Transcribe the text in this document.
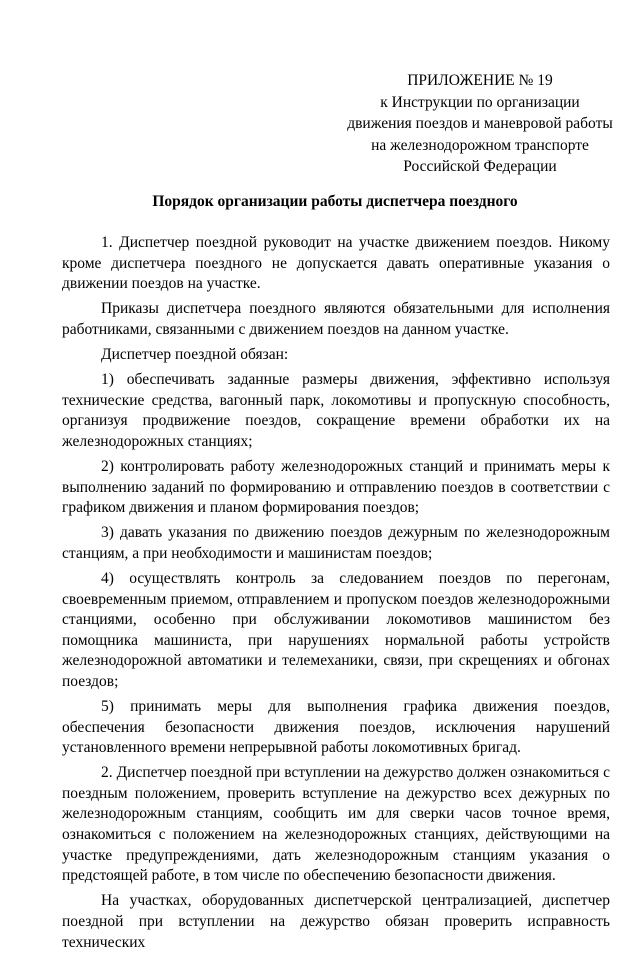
ПРИЛОЖЕНИЕ № 19
к Инструкции по организации
движения поездов и маневровой работы
на железнодорожном транспорте
Российской Федерации
Порядок организации работы диспетчера поездного

1. Диспетчер поездной руководит на участке движением поездов. Никому кроме диспетчера поездного не допускается давать оперативные указания о движении поездов на участке.

Приказы диспетчера поездного являются обязательными для исполнения работниками, связанными с движением поездов на данном участке.

Диспетчер поездной обязан:

1) обеспечивать заданные размеры движения, эффективно используя технические средства, вагонный парк, локомотивы и пропускную способность, организуя продвижение поездов, сокращение времени обработки их на железнодорожных станциях;

2) контролировать работу железнодорожных станций и принимать меры к выполнению заданий по формированию и отправлению поездов в соответствии с графиком движения и планом формирования поездов;

3) давать указания по движению поездов дежурным по железнодорожным станциям, а при необходимости и машинистам поездов;

4) осуществлять контроль за следованием поездов по перегонам, своевременным приемом, отправлением и пропуском поездов железнодорожными станциями, особенно при обслуживании локомотивов машинистом без помощника машиниста, при нарушениях нормальной работы устройств железнодорожной автоматики и телемеханики, связи, при скрещениях и обгонах поездов;

5) принимать меры для выполнения графика движения поездов, обеспечения безопасности движения поездов, исключения нарушений установленного времени непрерывной работы локомотивных бригад.

2. Диспетчер поездной при вступлении на дежурство должен ознакомиться с поездным положением, проверить вступление на дежурство всех дежурных по железнодорожным станциям, сообщить им для сверки часов точное время, ознакомиться с положением на железнодорожных станциях, действующими на участке предупреждениями, дать железнодорожным станциям указания о предстоящей работе, в том числе по обеспечению безопасности движения.

На участках, оборудованных диспетчерской централизацией, диспетчер поездной при вступлении на дежурство обязан проверить исправность технических
